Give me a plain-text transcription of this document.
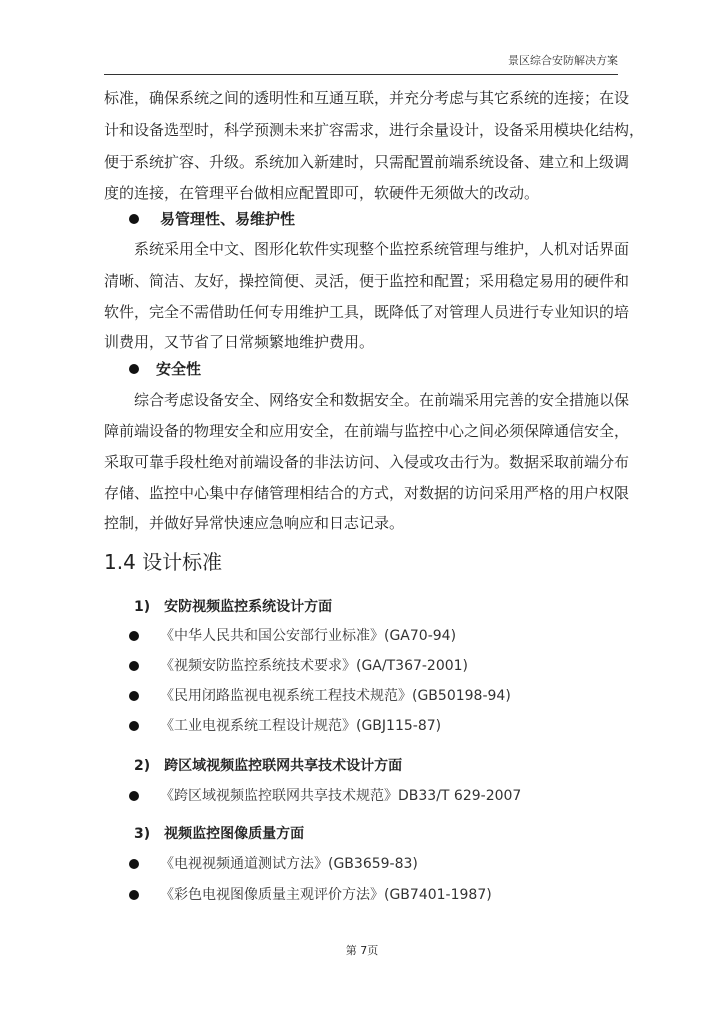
景区综合安防解决方案
标准，确保系统之间的透明性和互通互联，并充分考虑与其它系统的连接；在设
计和设备选型时，科学预测未来扩容需求，进行余量设计，设备采用模块化结构，
便于系统扩容、升级。系统加入新建时，只需配置前端系统设备、建立和上级调
度的连接，在管理平台做相应配置即可，软硬件无须做大的改动。
易管理性、易维护性
系统采用全中文、图形化软件实现整个监控系统管理与维护，人机对话界面
清晰、简洁、友好，操控简便、灵活，便于监控和配置；采用稳定易用的硬件和
软件，完全不需借助任何专用维护工具，既降低了对管理人员进行专业知识的培
训费用，又节省了日常频繁地维护费用。
安全性
综合考虑设备安全、网络安全和数据安全。在前端采用完善的安全措施以保
障前端设备的物理安全和应用安全，在前端与监控中心之间必须保障通信安全，
采取可靠手段杜绝对前端设备的非法访问、入侵或攻击行为。数据采取前端分布
存储、监控中心集中存储管理相结合的方式，对数据的访问采用严格的用户权限
控制，并做好异常快速应急响应和日志记录。
1.4 设计标准
1) 安防视频监控系统设计方面
《中华人民共和国公安部行业标准》(GA70-94)
《视频安防监控系统技术要求》(GA/T367-2001)
《民用闭路监视电视系统工程技术规范》(GB50198-94)
《工业电视系统工程设计规范》(GBJ115-87)
2) 跨区域视频监控联网共享技术设计方面
《跨区域视频监控联网共享技术规范》DB33/T 629-2007
3) 视频监控图像质量方面
《电视视频通道测试方法》(GB3659-83)
《彩色电视图像质量主观评价方法》(GB7401-1987)
第 7页
